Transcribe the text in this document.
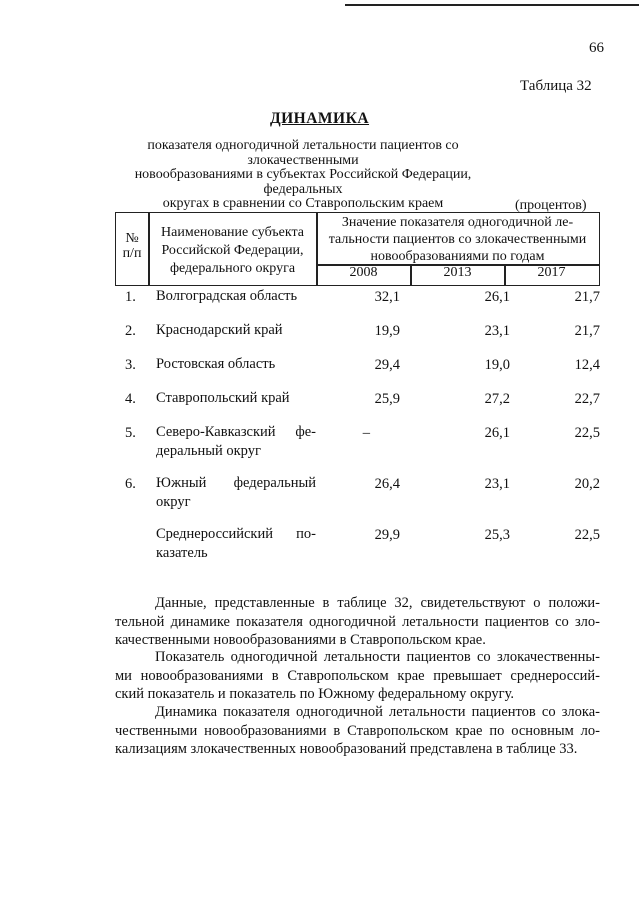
66
Таблица 32
ДИНАМИКА
показателя одногодичной летальности пациентов со злокачественными
новообразованиями в субъектах Российской Федерации, федеральных
округах в сравнении со Ставропольским краем	(процентов)
№
п/п
Наименование субъекта
Российской Федерации,
федерального округа
Значение показателя одногодичной ле-
тальности пациентов со злокачественными
новообразованиями по годам
2008	2013	2017
1. Волгоградская область	32,1	26,1	21,7
2. Краснодарский край	19,9	23,1	21,7
3. Ростовская область	29,4	19,0	12,4
4. Ставропольский край	25,9	27,2	22,7
5. Северо-Кавказский фе-
деральный округ
–	26,1	22,5
6. Южный федеральный
округ
26,4	23,1	20,2
Среднероссийский по-
казатель
29,9	25,3	22,5
Данные, представленные в таблице 32, свидетельствуют о положи-
тельной динамике показателя одногодичной летальности пациентов со зло-
качественными новообразованиями в Ставропольском крае.
Показатель одногодичной летальности пациентов со злокачественны-
ми новообразованиями в Ставропольском крае превышает среднероссий-
ский показатель и показатель по Южному федеральному округу.
Динамика показателя одногодичной летальности пациентов со злока-
чественными новообразованиями в Ставропольском крае по основным ло-
кализациям злокачественных новообразований представлена в таблице 33.
